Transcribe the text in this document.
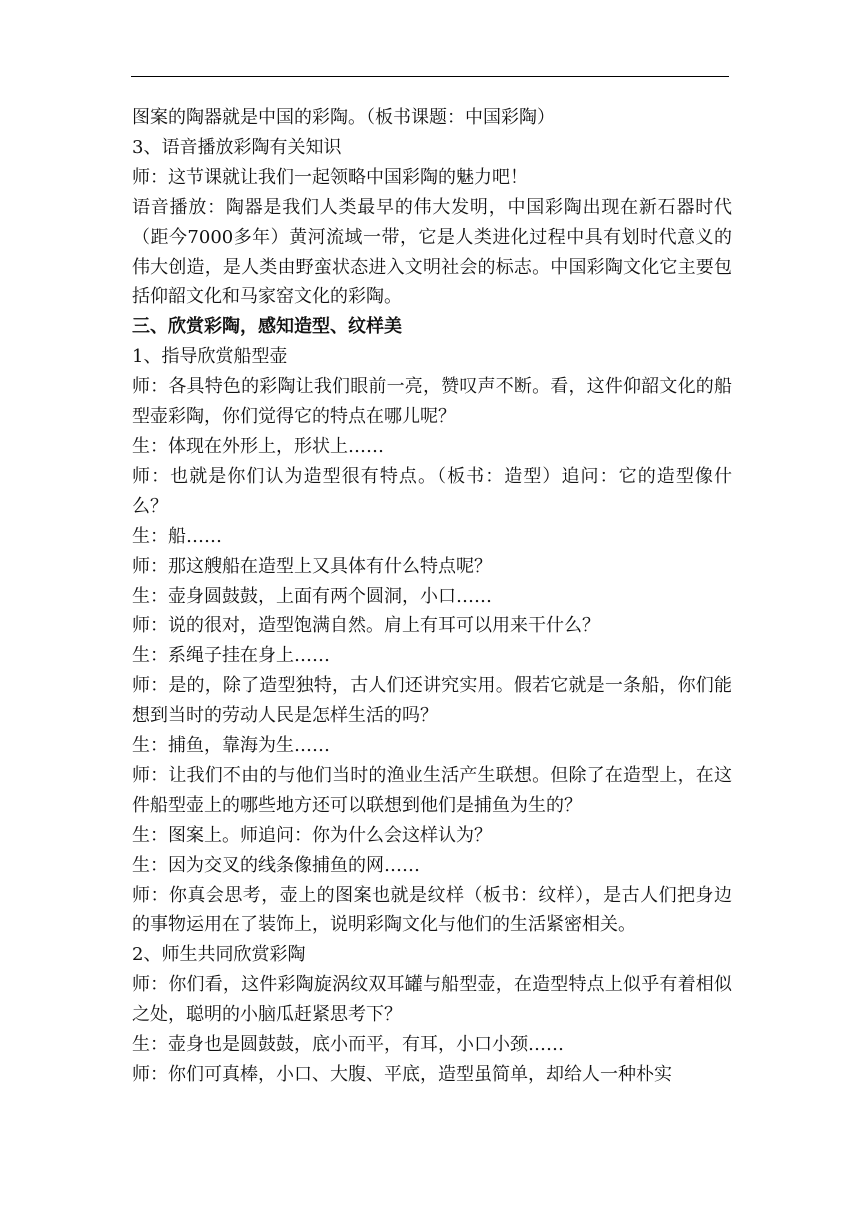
图案的陶器就是中国的彩陶。（板书课题：中国彩陶）
3、语音播放彩陶有关知识
师：这节课就让我们一起领略中国彩陶的魅力吧！
语音播放：陶器是我们人类最早的伟大发明，中国彩陶出现在新石器时代（距今7000多年）黄河流域一带，它是人类进化过程中具有划时代意义的伟大创造，是人类由野蛮状态进入文明社会的标志。中国彩陶文化它主要包括仰韶文化和马家窑文化的彩陶。
三、欣赏彩陶，感知造型、纹样美
1、指导欣赏船型壶
师：各具特色的彩陶让我们眼前一亮，赞叹声不断。看，这件仰韶文化的船型壶彩陶，你们觉得它的特点在哪儿呢？
生：体现在外形上，形状上……
师：也就是你们认为造型很有特点。（板书：造型）追问：它的造型像什么？
生：船……
师：那这艘船在造型上又具体有什么特点呢？
生：壶身圆鼓鼓，上面有两个圆洞，小口……
师：说的很对，造型饱满自然。肩上有耳可以用来干什么？
生：系绳子挂在身上……
师：是的，除了造型独特，古人们还讲究实用。假若它就是一条船，你们能想到当时的劳动人民是怎样生活的吗？
生：捕鱼，靠海为生……
师：让我们不由的与他们当时的渔业生活产生联想。但除了在造型上，在这件船型壶上的哪些地方还可以联想到他们是捕鱼为生的？
生：图案上。师追问：你为什么会这样认为？
生：因为交叉的线条像捕鱼的网……
师：你真会思考，壶上的图案也就是纹样（板书：纹样），是古人们把身边的事物运用在了装饰上，说明彩陶文化与他们的生活紧密相关。
2、师生共同欣赏彩陶
师：你们看，这件彩陶旋涡纹双耳罐与船型壶，在造型特点上似乎有着相似之处，聪明的小脑瓜赶紧思考下？
生：壶身也是圆鼓鼓，底小而平，有耳，小口小颈……
师：你们可真棒，小口、大腹、平底，造型虽简单，却给人一种朴实
